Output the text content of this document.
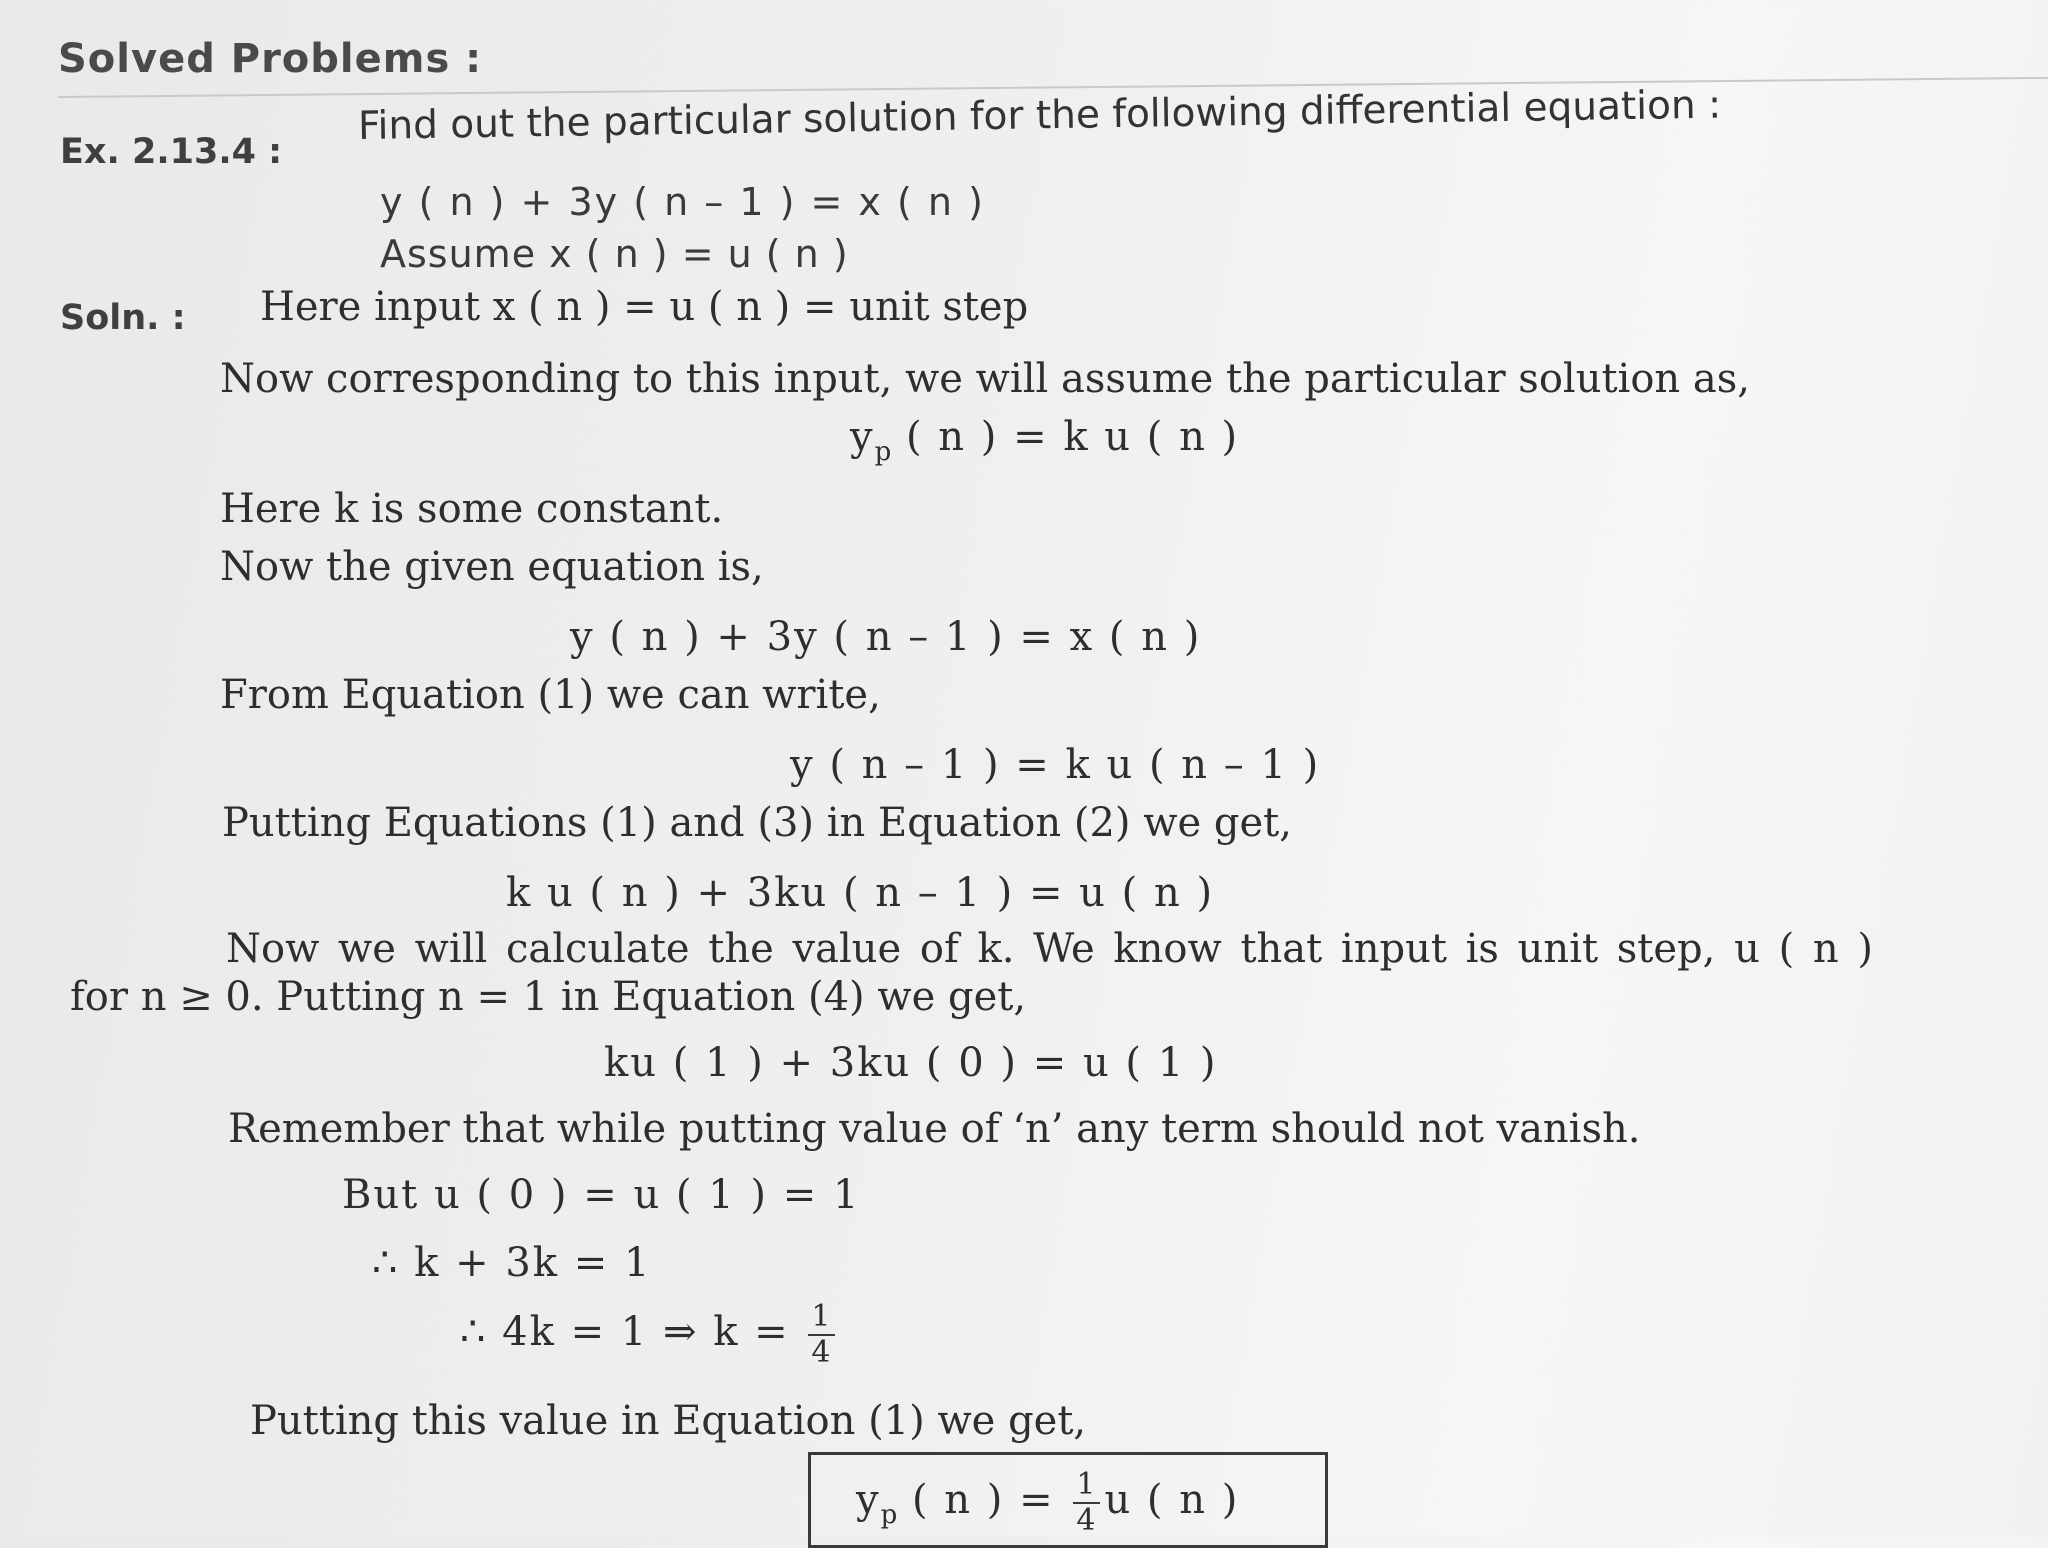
Solved Problems :
Ex. 2.13.4 :
Find out the particular solution for the following differential equation :
y ( n ) + 3y ( n – 1 ) = x ( n )
Assume x ( n ) = u ( n )
Soln. : Here input x ( n ) = u ( n ) = unit step
Now corresponding to this input, we will assume the particular solution as,
$y_p$ ( n ) = k u ( n )
Here k is some constant.
Now the given equation is,
y ( n ) + 3y ( n – 1 ) = x ( n )
From Equation (1) we can write,
y ( n – 1 ) = k u ( n – 1 )
Putting Equations (1) and (3) in Equation (2) we get,
k u ( n ) + 3ku ( n – 1 ) = u ( n )
Now we will calculate the value of k. We know that input is unit step, u ( n )
for n ≥ 0. Putting n = 1 in Equation (4) we get,
ku ( 1 ) + 3ku ( 0 ) = u ( 1 )
Remember that while putting value of ‘n’ any term should not vanish.
But u ( 0 ) = u ( 1 ) = 1
∴ k + 3k = 1
∴ 4k = 1 ⇒ $k = \frac{1}{4}$
Putting this value in Equation (1) we get,
$y_p$ ( n ) = $\frac{1}{4}$ u ( n )
